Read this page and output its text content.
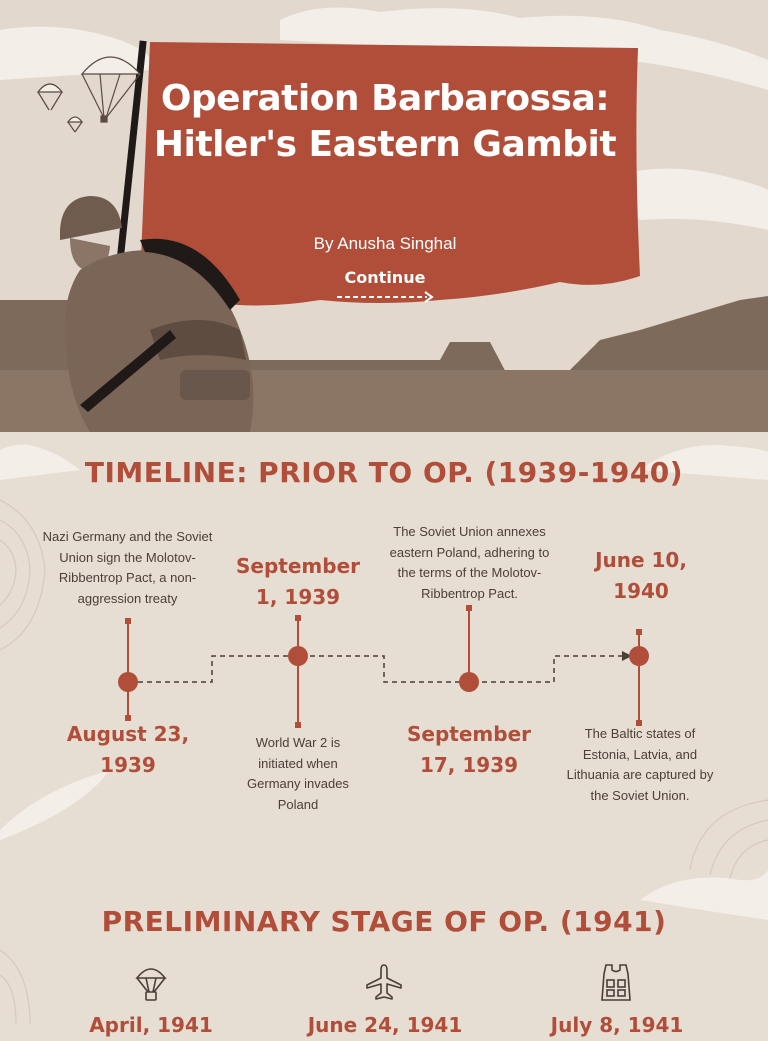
Operation Barbarossa: Hitler's Eastern Gambit
By Anusha Singhal
Continue
TIMELINE: PRIOR TO OP. (1939-1940)
Nazi Germany and the Soviet Union sign the Molotov-Ribbentrop Pact, a non-aggression treaty
August 23, 1939
September 1, 1939
World War 2 is initiated when Germany invades Poland
The Soviet Union annexes eastern Poland, adhering to the terms of the Molotov-Ribbentrop Pact.
September 17, 1939
June 10, 1940
The Baltic states of Estonia, Latvia, and Lithuania are captured by the Soviet Union.
PRELIMINARY STAGE OF OP. (1941)
April, 1941	June 24, 1941	July 8, 1941
